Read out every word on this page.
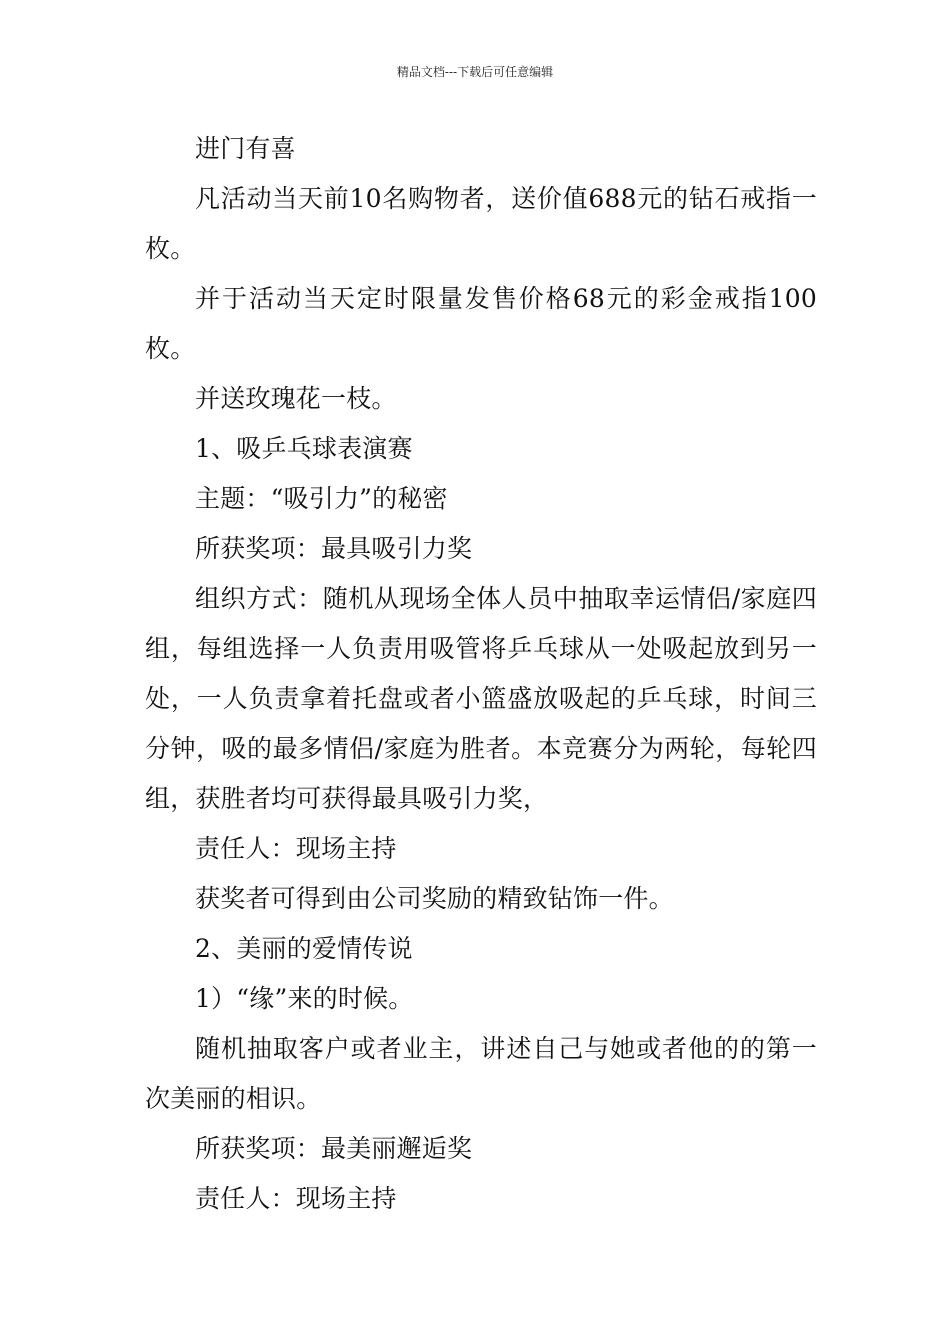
精品文档---下载后可任意编辑

进门有喜

凡活动当天前10名购物者，送价值688元的钻石戒指一枚。

并于活动当天定时限量发售价格68元的彩金戒指100枚。

并送玫瑰花一枝。

1、吸乒乓球表演赛

主题：“吸引力”的秘密

所获奖项：最具吸引力奖

组织方式：随机从现场全体人员中抽取幸运情侣/家庭四组，每组选择一人负责用吸管将乒乓球从一处吸起放到另一处，一人负责拿着托盘或者小篮盛放吸起的乒乓球，时间三分钟，吸的最多情侣/家庭为胜者。本竞赛分为两轮，每轮四组，获胜者均可获得最具吸引力奖，

责任人：现场主持

获奖者可得到由公司奖励的精致钻饰一件。

2、美丽的爱情传说

1）“缘”来的时候。

随机抽取客户或者业主，讲述自己与她或者他的的第一次美丽的相识。

所获奖项：最美丽邂逅奖

责任人：现场主持
